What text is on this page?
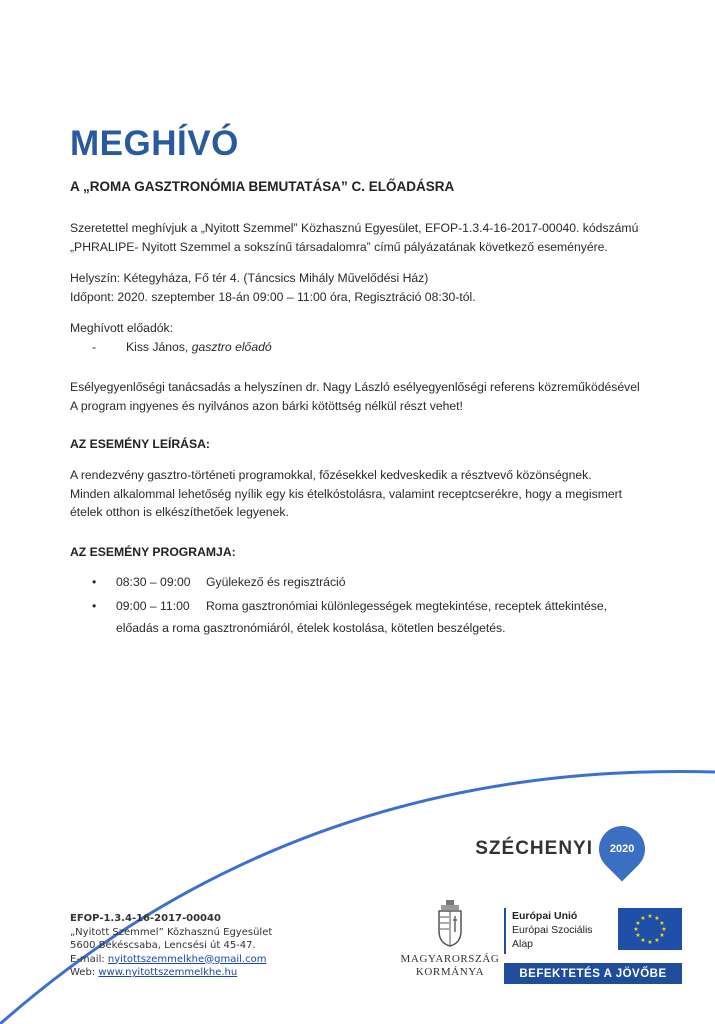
MEGHÍVÓ
A „ROMA GASZTRONÓMIA BEMUTATÁSA” C. ELŐADÁSRA
Szeretettel meghívjuk a „Nyitott Szemmel” Közhasznú Egyesület, EFOP-1.3.4-16-2017-00040. kódszámú
„PHRALIPE- Nyitott Szemmel a sokszínű társadalomra” című pályázatának következő eseményére.
Helyszín: Kétegyháza, Fő tér 4. (Táncsics Mihály Művelődési Ház)
Időpont: 2020. szeptember 18-án 09:00 – 11:00 óra, Regisztráció 08:30-tól.
Meghívott előadók:
- Kiss János, gasztro előadó
Esélyegyenlőségi tanácsadás a helyszínen dr. Nagy László esélyegyenlőségi referens közreműködésével
A program ingyenes és nyilvános azon bárki kötöttség nélkül részt vehet!
AZ ESEMÉNY LEÍRÁSA:
A rendezvény gasztro-történeti programokkal, főzésekkel kedveskedik a résztvevő közönségnek.
Minden alkalommal lehetőség nyílik egy kis ételkóstolásra, valamint receptcserékre, hogy a megismert
ételek otthon is elkészíthetőek legyenek.
AZ ESEMÉNY PROGRAMJA:
• 08:30 – 09:00 Gyülekező és regisztráció
• 09:00 – 11:00 Roma gasztronómiai különlegességek megtekintése, receptek áttekintése,
előadás a roma gasztronómiáról, ételek kostolása, kötetlen beszélgetés.
SZÉCHENYI 2020
EFOP-1.3.4-16-2017-00040
„Nyitott Szemmel” Közhasznú Egyesület
5600 Békéscsaba, Lencsési út 45-47.
E-mail: nyitottszemmelkhe@gmail.com
Web: www.nyitottszemmelkhe.hu
MAGYARORSZÁG
KORMÁNYA
Európai Unió
Európai Szociális
Alap
★ ★
★
★
★
★
★
★
★
★
★
★
BEFEKTETÉS A JÖVŐBE
